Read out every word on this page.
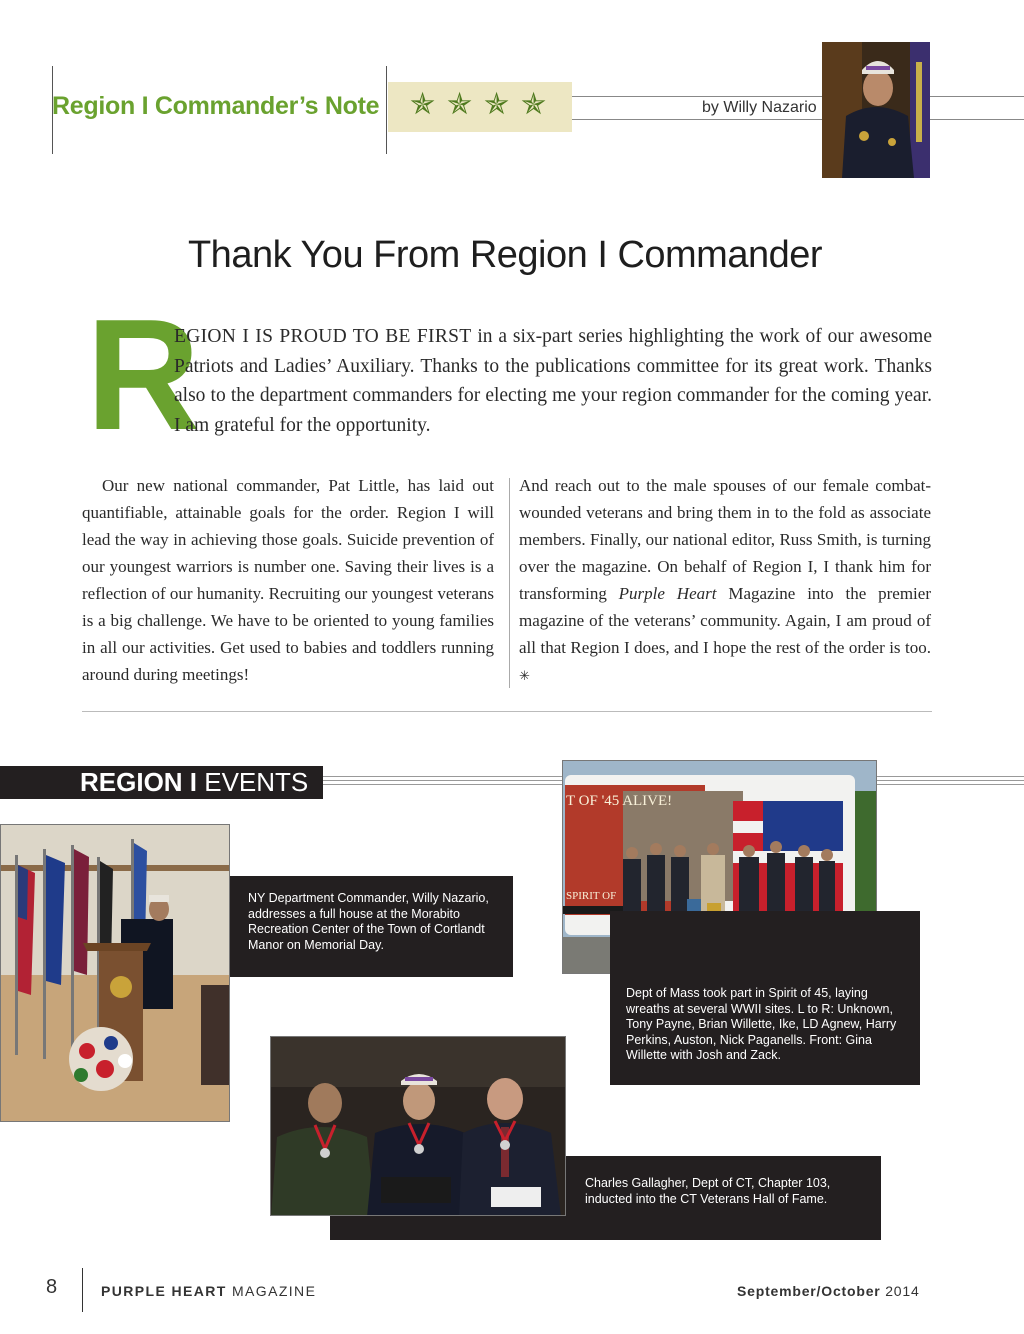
Region I Commander’s Note ✯ ✯ ✯ ✯	by Willy Nazario
Thank You From Region I Commander
R
EGION I IS PROUD TO BE FIRST in a six-part series highlighting the work of our awesome Patriots and Ladies’ Auxiliary. Thanks to the publications committee for its great work. Thanks also to the department commanders for electing me your region commander for the coming year. I am grateful for the opportunity.
Our new national commander, Pat Little, has laid out quantifiable, attainable goals for the order. Region I will lead the way in achieving those goals. Suicide prevention of our youngest warriors is number one. Saving their lives is a reflection of our humanity. Recruiting our youngest veterans is a big challenge. We have to be oriented to young families in all our activities. Get used to babies and toddlers running around during meetings!
And reach out to the male spouses of our female combat-wounded veterans and bring them in to the fold as associate members. Finally, our national editor, Russ Smith, is turning over the magazine. On behalf of Region I, I thank him for transforming Purple Heart Magazine into the premier magazine of the veterans’ community. Again, I am proud of all that Region I does, and I hope the rest of the order is too. ✳
REGION I EVENTS
NY Department Commander, Willy Nazario, addresses a full house at the Morabito Recreation Center of the Town of Cortlandt Manor on Memorial Day.
T OF '45 ALIVE!
SPIRIT OF
Dept of Mass took part in Spirit of 45, laying wreaths at several WWII sites. L to R: Unknown, Tony Payne, Brian Willette, Ike, LD Agnew, Harry Perkins, Auston, Nick Paganells. Front: Gina Willette with Josh and Zack.
Charles Gallagher, Dept of CT, Chapter 103, inducted into the CT Veterans Hall of Fame.
8	PURPLE HEART MAGAZINE	September/October 2014
